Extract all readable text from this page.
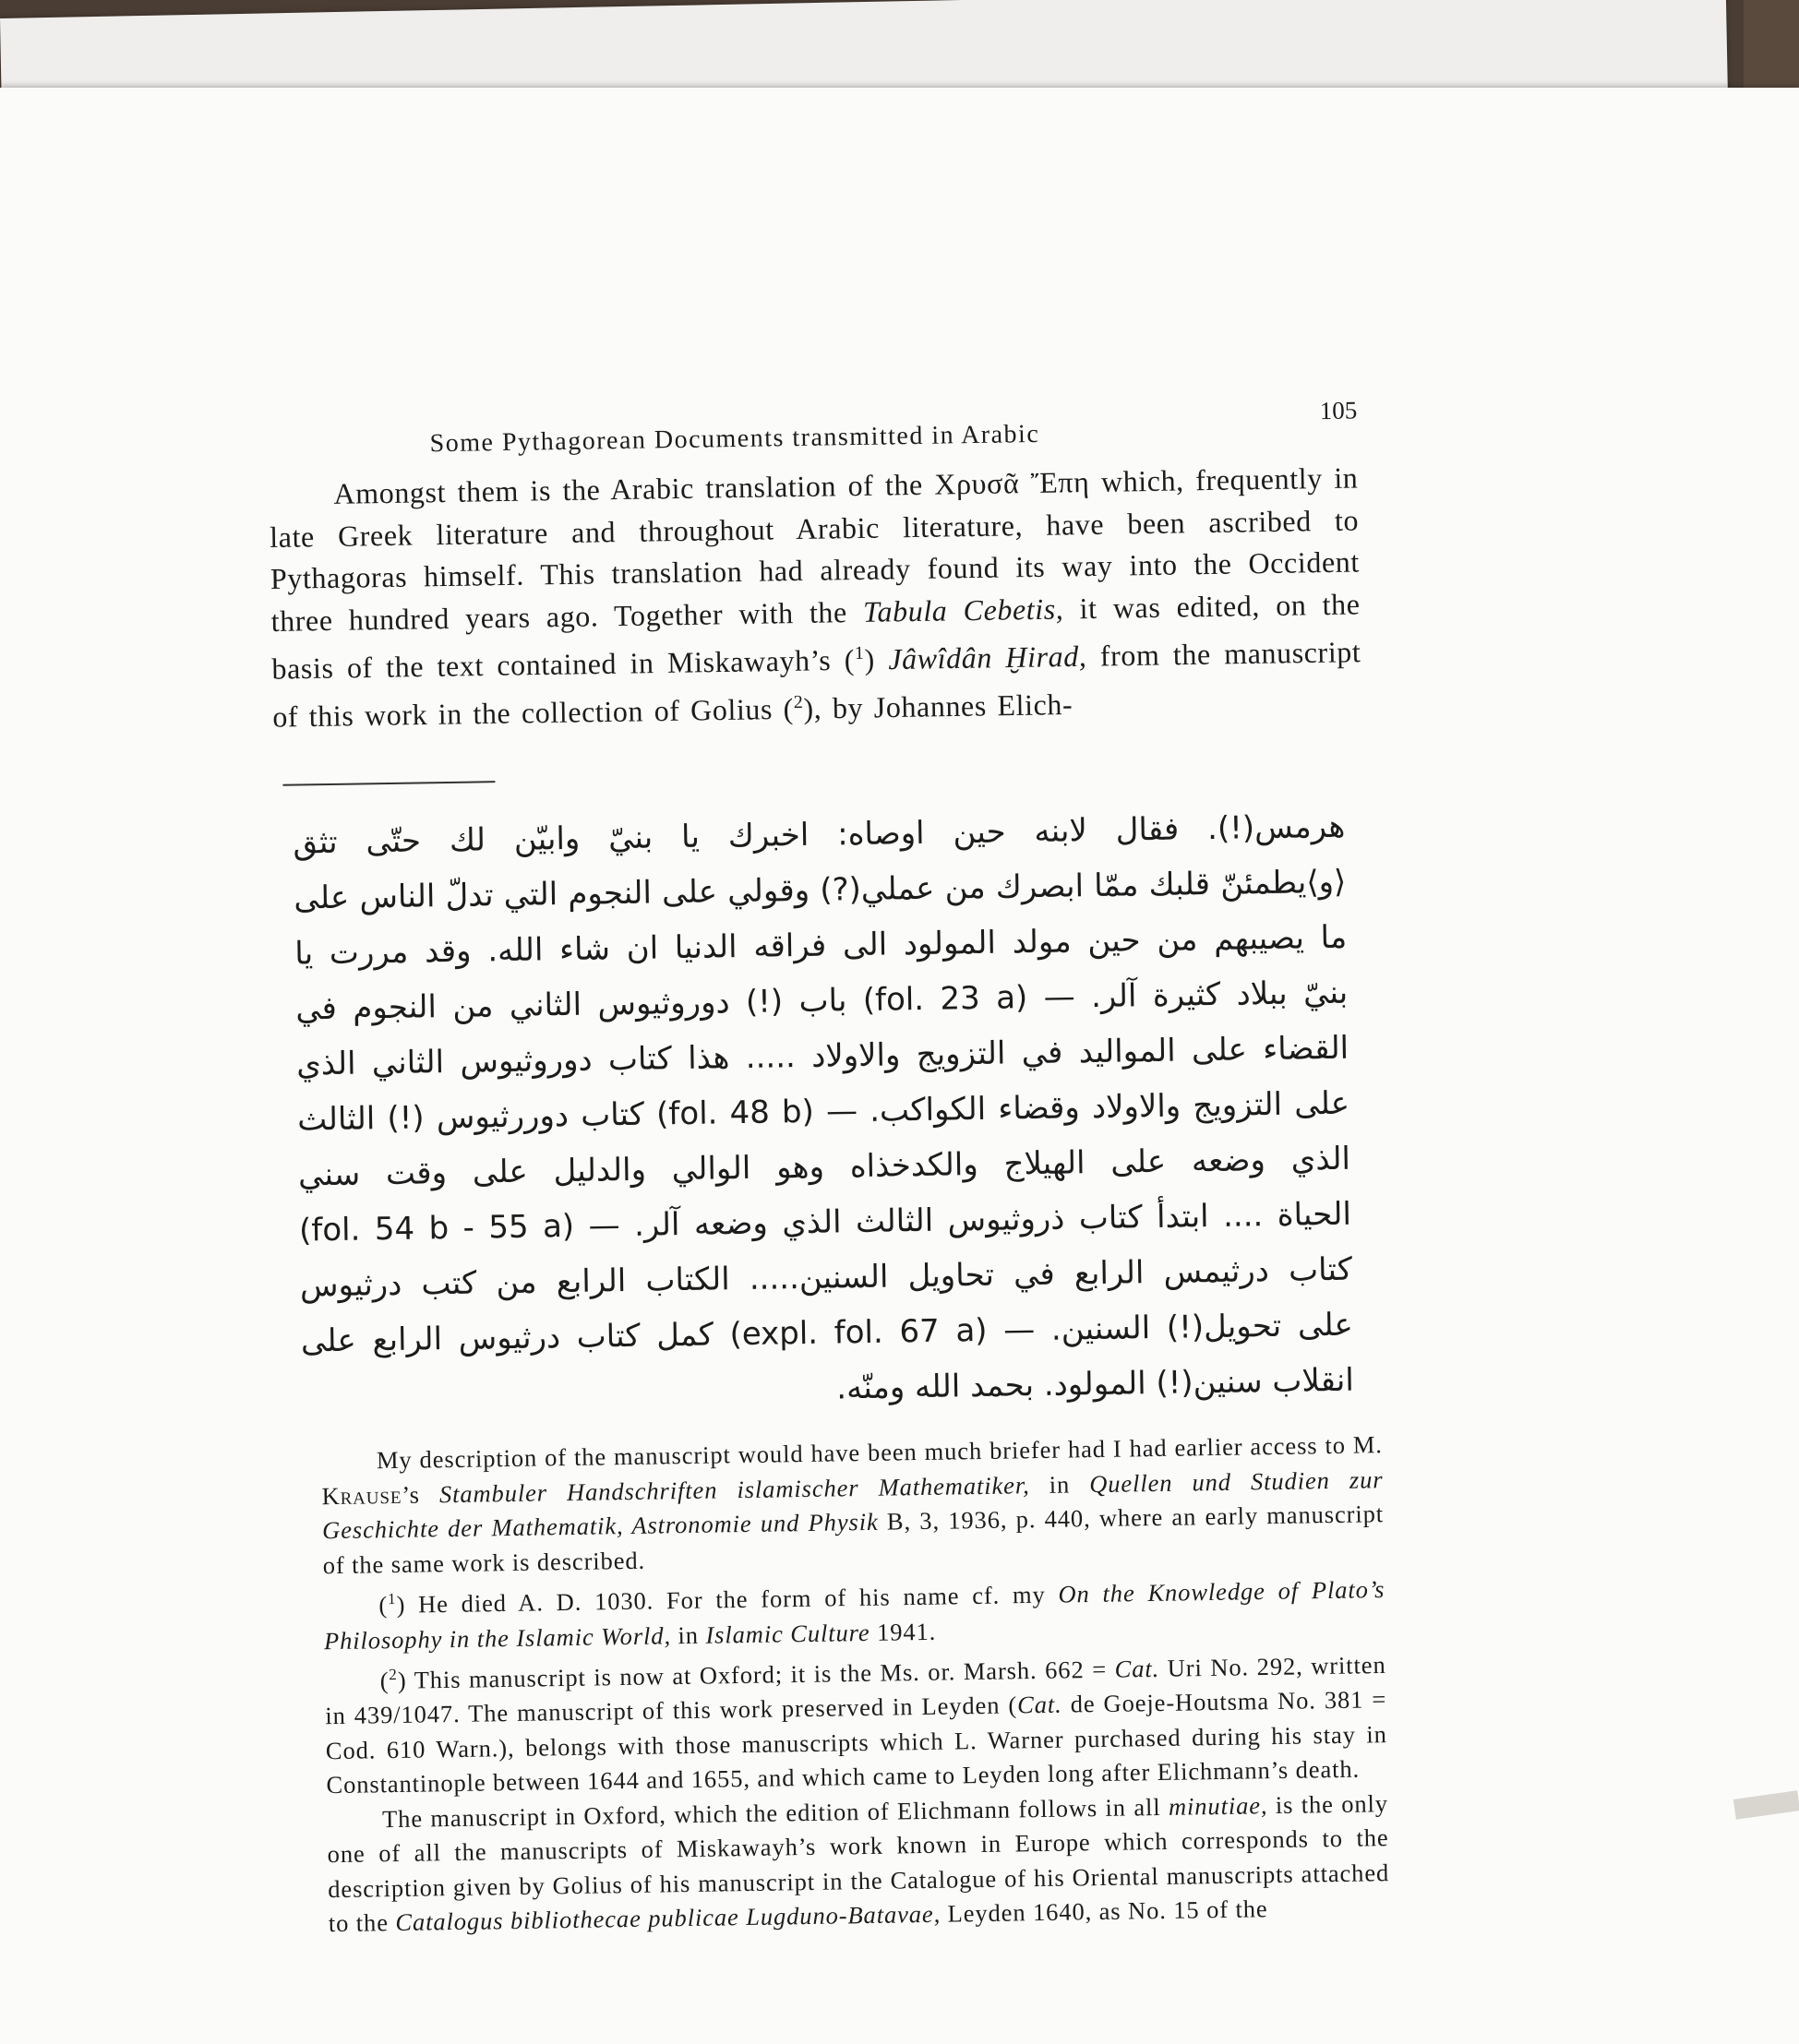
Some Pythagorean Documents transmitted in Arabic
105

Amongst them is the Arabic translation of the Χρυσᾶ Ἔπη which, frequently in late Greek literature and throughout Arabic literature, have been ascribed to Pythagoras himself. This translation had already found its way into the Occident three hundred years ago. Together with the Tabula Cebetis, it was edited, on the basis of the text contained in Miskawayh’s ($^1$) Jâwîdân Ḫirad, from the manuscript of this work in the collection of Golius ($^2$), by Johannes Elich-

هرمس(!). فقال لابنه حين اوصاه: اخبرك يا بنيّ وابيّن لك حتّى تثق
⟨و⟩يطمئنّ قلبك ممّا ابصرك من عملي(?) وقولي على النجوم التي تدلّ الناس على
ما يصيبهم من حين مولد المولود الى فراقه الدنيا ان شاء الله. وقد مررت يا
بنيّ ببلاد كثيرة آلر. — (fol. 23 a) باب (!) دوروثيوس الثاني من النجوم في
القضاء على المواليد في التزويج والاولاد ..... هذا كتاب دوروثيوس الثاني الذي
على التزويج والاولاد وقضاء الكواكب. — (fol. 48 b) كتاب دوررثيوس (!) الثالث
الذي وضعه على الهيلاج والكدخذاه وهو الوالي والدليل على وقت سني
الحياة .... ابتدأ كتاب ذروثيوس الثالث الذي وضعه آلر. — (fol. 54 b - 55 a)
كتاب درثيمس الرابع في تحاويل السنين..... الكتاب الرابع من كتب درثيوس
على تحويل(!) السنين. — (expl. fol. 67 a) كمل كتاب درثيوس الرابع على
انقلاب سنين(!) المولود. بحمد الله ومنّه.

My description of the manuscript would have been much briefer had I had earlier access to M. Krause’s Stambuler Handschriften islamischer Mathematiker, in Quellen und Studien zur Geschichte der Mathematik, Astronomie und Physik B, 3, 1936, p. 440, where an early manuscript of the same work is described.

($^1$) He died A. D. 1030. For the form of his name cf. my On the Knowledge of Plato’s Philosophy in the Islamic World, in Islamic Culture 1941.

($^2$) This manuscript is now at Oxford; it is the Ms. or. Marsh. 662 = Cat. Uri No. 292, written in 439/1047. The manuscript of this work preserved in Leyden (Cat. de Goeje-Houtsma No. 381 = Cod. 610 Warn.), belongs with those manuscripts which L. Warner purchased during his stay in Constantinople between 1644 and 1655, and which came to Leyden long after Elichmann’s death.

The manuscript in Oxford, which the edition of Elichmann follows in all minutiae, is the only one of all the manuscripts of Miskawayh’s work known in Europe which corresponds to the description given by Golius of his manuscript in the Catalogue of his Oriental manuscripts attached to the Catalogus bibliothecae publicae Lugduno-Batavae, Leyden 1640, as No. 15 of the
